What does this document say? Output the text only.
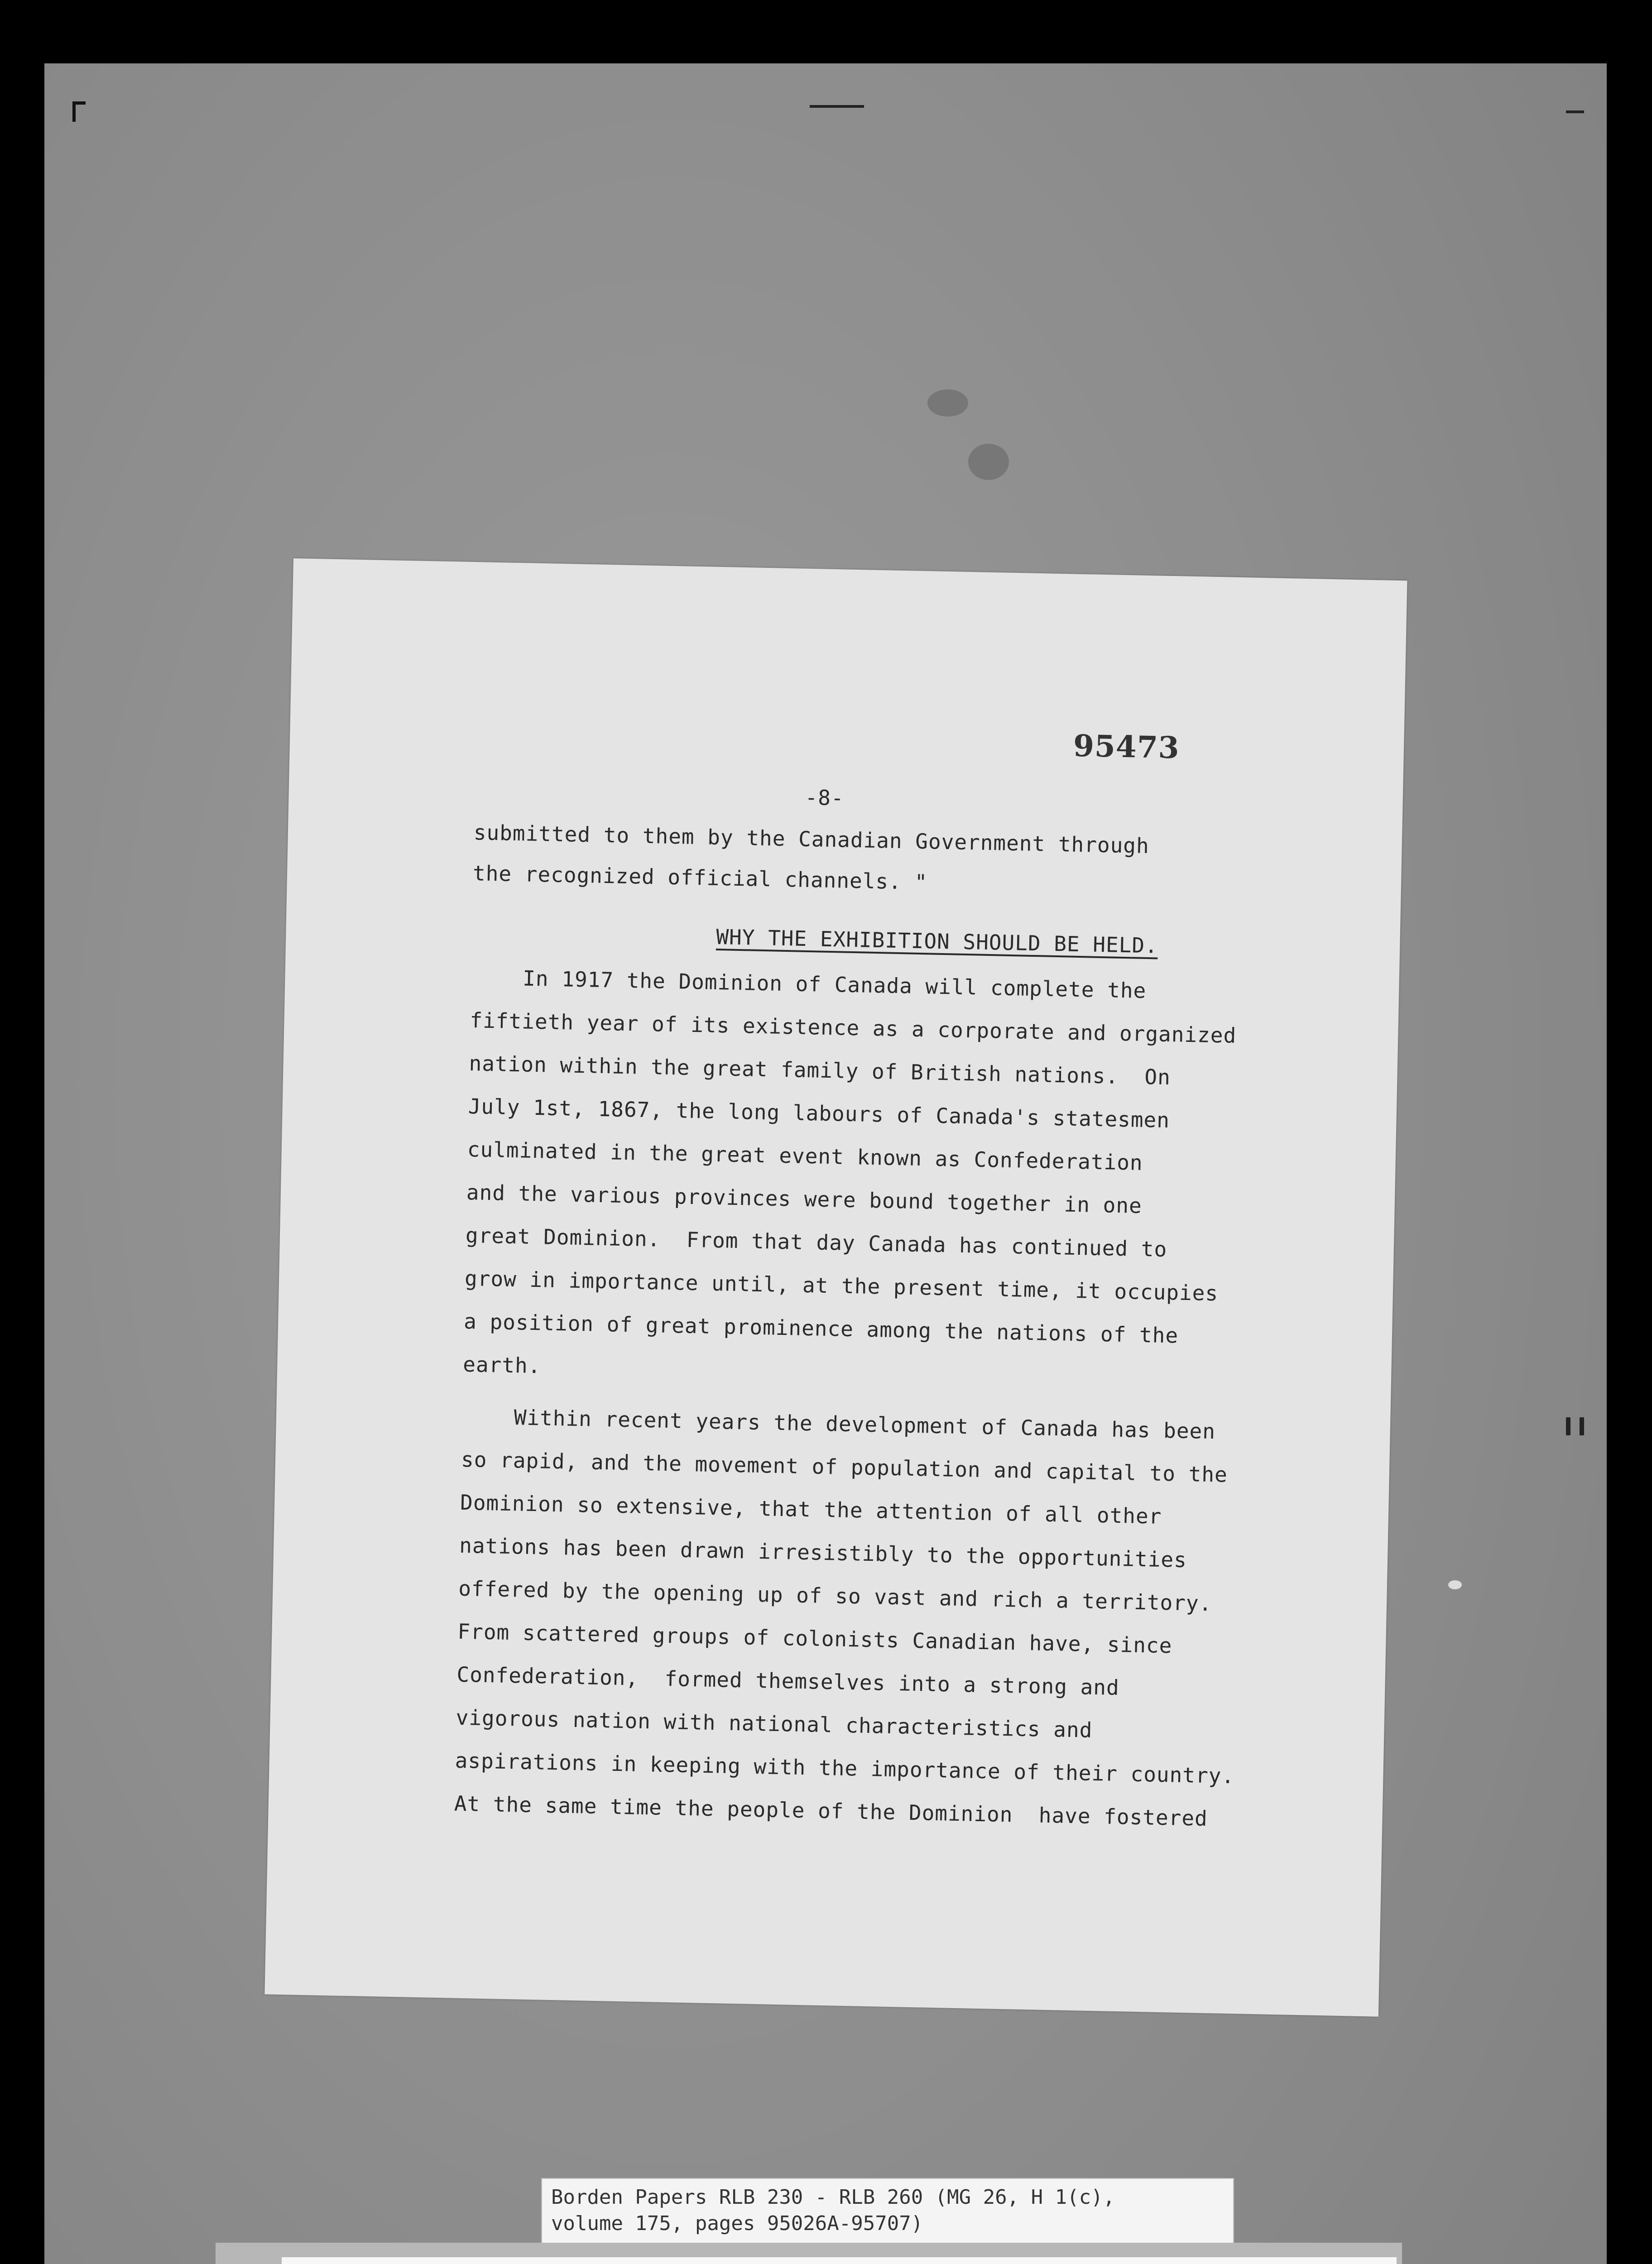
95473
-8-
submitted to them by the Canadian Government through
the recognized official channels. "
WHY THE EXHIBITION SHOULD BE HELD.
In 1917 the Dominion of Canada will complete the
fiftieth year of its existence as a corporate and organized
nation within the great family of British nations.  On
July 1st, 1867, the long labours of Canada's statesmen
culminated in the great event known as Confederation
and the various provinces were bound together in one
great Dominion.  From that day Canada has continued to
grow in importance until, at the present time, it occupies
a position of great prominence among the nations of the
earth.
Within recent years the development of Canada has been
so rapid, and the movement of population and capital to the
Dominion so extensive, that the attention of all other
nations has been drawn irresistibly to the opportunities
offered by the opening up of so vast and rich a territory.
From scattered groups of colonists Canadian have, since
Confederation,  formed themselves into a strong and
vigorous nation with national characteristics and
aspirations in keeping with the importance of their country.
At the same time the people of the Dominion  have fostered
Borden Papers RLB 230 - RLB 260 (MG 26, H 1(c),
volume 175, pages 95026A-95707)
